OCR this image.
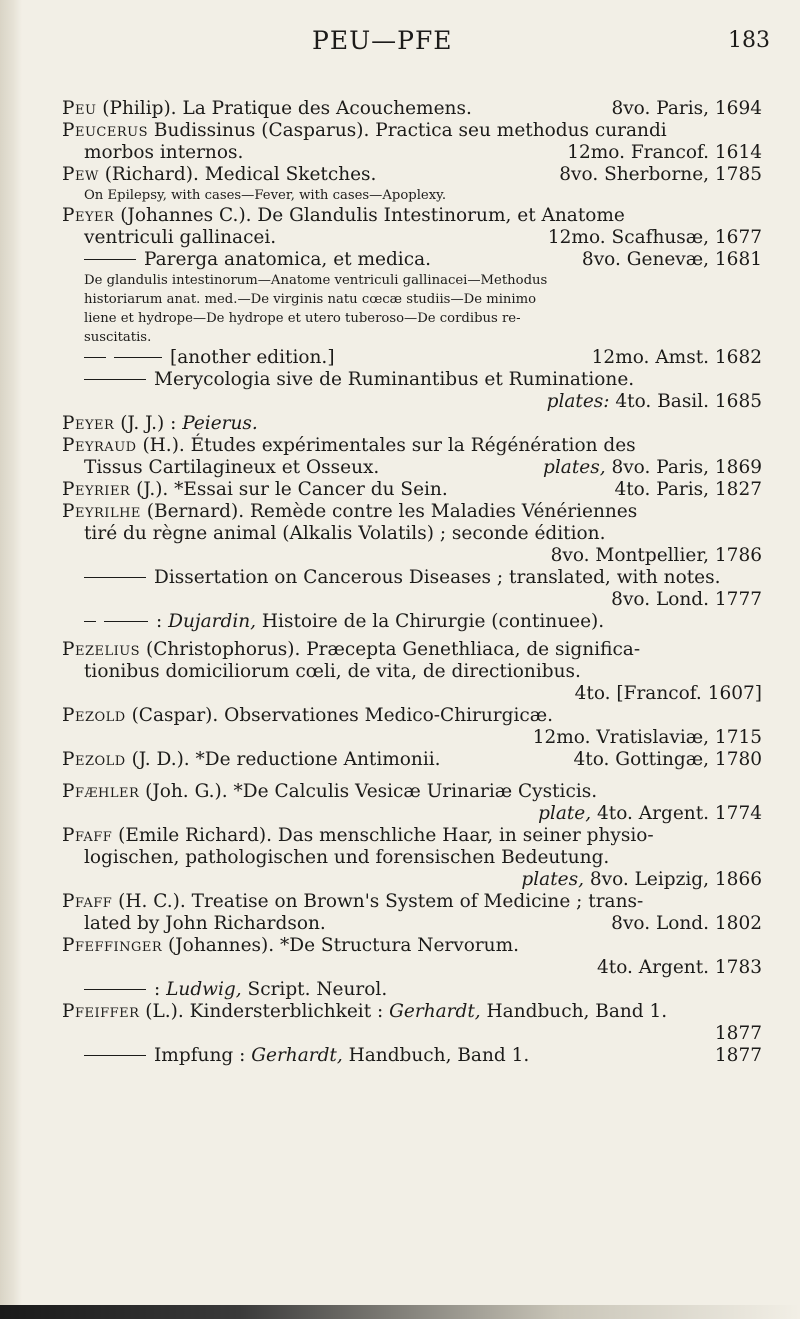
PEU—PFE	183
Peu (Philip). La Pratique des Acouchemens.	8vo. Paris, 1694
Peucerus Budissinus (Casparus). Practica seu methodus curandi
morbos internos.	12mo. Francof. 1614
Pew (Richard). Medical Sketches.	8vo. Sherborne, 1785
On Epilepsy, with cases—Fever, with cases—Apoplexy.
Peyer (Johannes C.). De Glandulis Intestinorum, et Anatome
ventriculi gallinacei.	12mo. Scafhusæ, 1677
Parerga anatomica, et medica.	8vo. Genevæ, 1681
De glandulis intestinorum—Anatome ventriculi gallinacei—Methodus
historiarum anat. med.—De virginis natu cœcæ studiis—De minimo
liene et hydrope—De hydrope et utero tuberoso—De cordibus re-
suscitatis.
[another edition.]	12mo. Amst. 1682
Merycologia sive de Ruminantibus et Ruminatione.
plates: 4to. Basil. 1685
Peyer (J. J.) : Peierus.
Peyraud (H.). Études expérimentales sur la Régénération des
Tissus Cartilagineux et Osseux.	plates, 8vo. Paris, 1869
Peyrier (J.). *Essai sur le Cancer du Sein.	4to. Paris, 1827
Peyrilhe (Bernard). Remède contre les Maladies Vénériennes
tiré du règne animal (Alkalis Volatils) ; seconde édition.
8vo. Montpellier, 1786
Dissertation on Cancerous Diseases ; translated, with notes.
8vo. Lond. 1777
: Dujardin, Histoire de la Chirurgie (continuee).
Pezelius (Christophorus). Præcepta Genethliaca, de significa-
tionibus domiciliorum cœli, de vita, de directionibus.
4to. [Francof. 1607]
Pezold (Caspar). Observationes Medico-Chirurgicæ.
12mo. Vratislaviæ, 1715
Pezold (J. D.). *De reductione Antimonii.	4to. Gottingæ, 1780
Pfæhler (Joh. G.). *De Calculis Vesicæ Urinariæ Cysticis.
plate, 4to. Argent. 1774
Pfaff (Emile Richard). Das menschliche Haar, in seiner physio-
logischen, pathologischen und forensischen Bedeutung.
plates, 8vo. Leipzig, 1866
Pfaff (H. C.). Treatise on Brown's System of Medicine ; trans-
lated by John Richardson.	8vo. Lond. 1802
Pfeffinger (Johannes). *De Structura Nervorum.
4to. Argent. 1783
: Ludwig, Script. Neurol.
Pfeiffer (L.). Kindersterblichkeit : Gerhardt, Handbuch, Band 1.
1877
Impfung : Gerhardt, Handbuch, Band 1.	1877
